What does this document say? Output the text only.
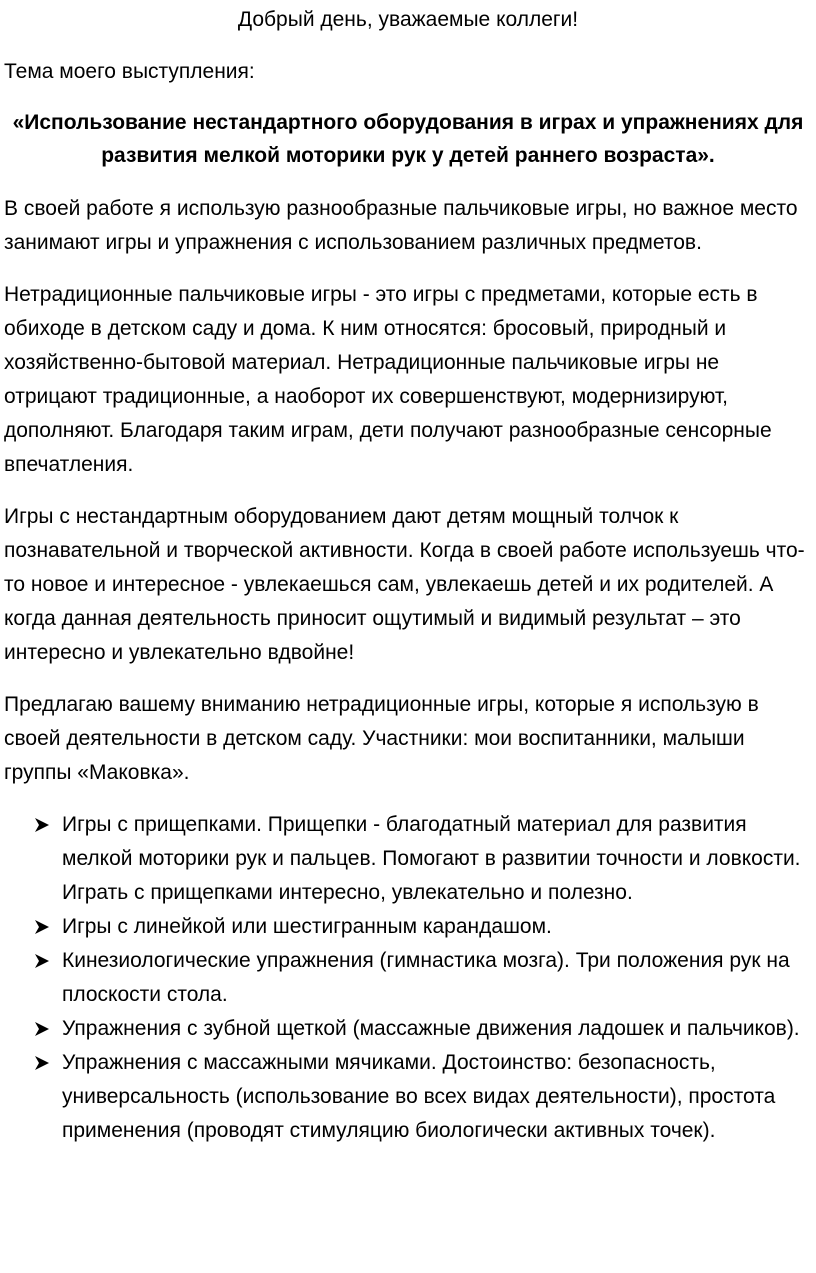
Добрый день, уважаемые коллеги!

Тема моего выступления:

«Использование нестандартного оборудования в играх и упражнениях для развития мелкой моторики рук у детей раннего возраста».

В своей работе я использую разнообразные пальчиковые игры, но важное место занимают игры и упражнения с использованием различных предметов.

Нетрадиционные пальчиковые игры - это игры с предметами, которые есть в обиходе в детском саду и дома. К ним относятся: бросовый, природный и хозяйственно-бытовой материал. Нетрадиционные пальчиковые игры не отрицают традиционные, а наоборот их совершенствуют, модернизируют, дополняют. Благодаря таким играм, дети получают разнообразные сенсорные впечатления.

Игры с нестандартным оборудованием дают детям мощный толчок к познавательной и творческой активности. Когда в своей работе используешь что-то новое и интересное - увлекаешься сам, увлекаешь детей и их родителей. А когда данная деятельность приносит ощутимый и видимый результат – это интересно и увлекательно вдвойне!

Предлагаю вашему вниманию нетрадиционные игры, которые я использую в своей деятельности в детском саду. Участники: мои воспитанники, малыши группы «Маковка».

Игры с прищепками. Прищепки - благодатный материал для развития мелкой моторики рук и пальцев. Помогают в развитии точности и ловкости. Играть с прищепками интересно, увлекательно и полезно.
Игры с линейкой или шестигранным карандашом.
Кинезиологические упражнения (гимнастика мозга). Три положения рук на плоскости стола.
Упражнения с зубной щеткой (массажные движения ладошек и пальчиков).
Упражнения с массажными мячиками. Достоинство: безопасность, универсальность (использование во всех видах деятельности), простота применения (проводят стимуляцию биологически активных точек).
